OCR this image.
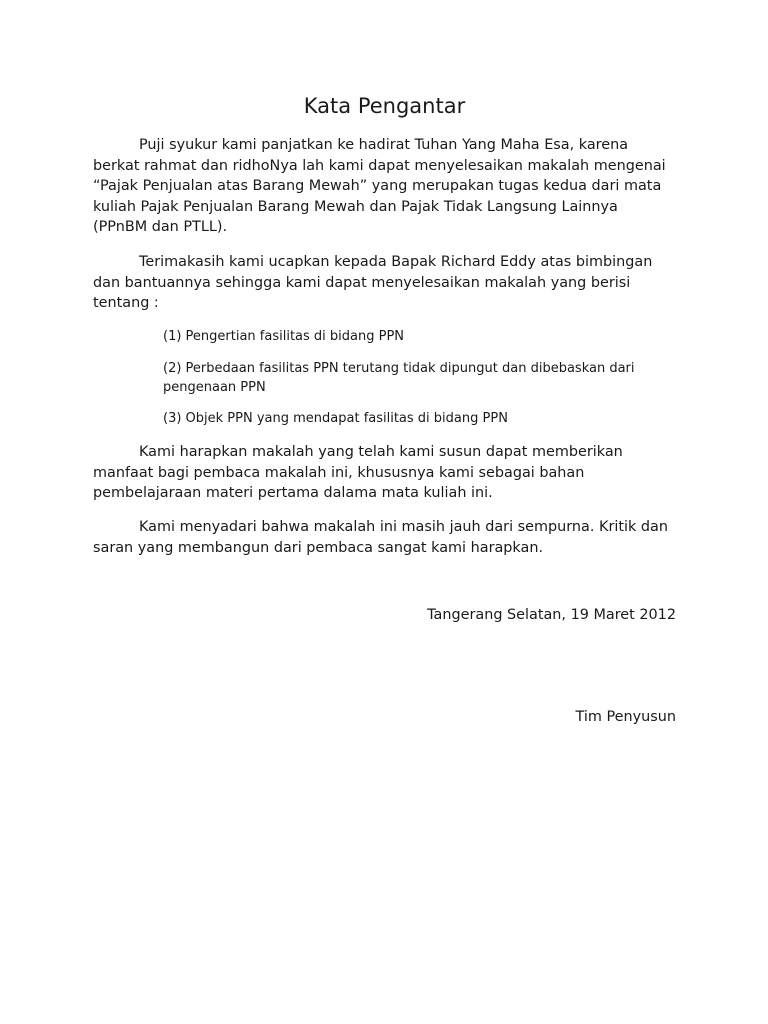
Kata Pengantar

Puji syukur kami panjatkan ke hadirat Tuhan Yang Maha Esa, karena berkat rahmat dan ridhoNya lah kami dapat menyelesaikan makalah mengenai “Pajak Penjualan atas Barang Mewah” yang merupakan tugas kedua dari mata kuliah Pajak Penjualan Barang Mewah dan Pajak Tidak Langsung Lainnya (PPnBM dan PTLL).

Terimakasih kami ucapkan kepada Bapak Richard Eddy atas bimbingan dan bantuannya sehingga kami dapat menyelesaikan makalah yang berisi tentang :

(1) Pengertian fasilitas di bidang PPN

(2) Perbedaan fasilitas PPN terutang tidak dipungut dan dibebaskan dari pengenaan PPN

(3) Objek PPN yang mendapat fasilitas di bidang PPN

Kami harapkan makalah yang telah kami susun dapat memberikan manfaat bagi pembaca makalah ini, khususnya kami sebagai bahan pembelajaraan materi pertama dalama mata kuliah ini.

Kami menyadari bahwa makalah ini masih jauh dari sempurna. Kritik dan saran yang membangun dari pembaca sangat kami harapkan.

Tangerang Selatan, 19 Maret 2012

Tim Penyusun
